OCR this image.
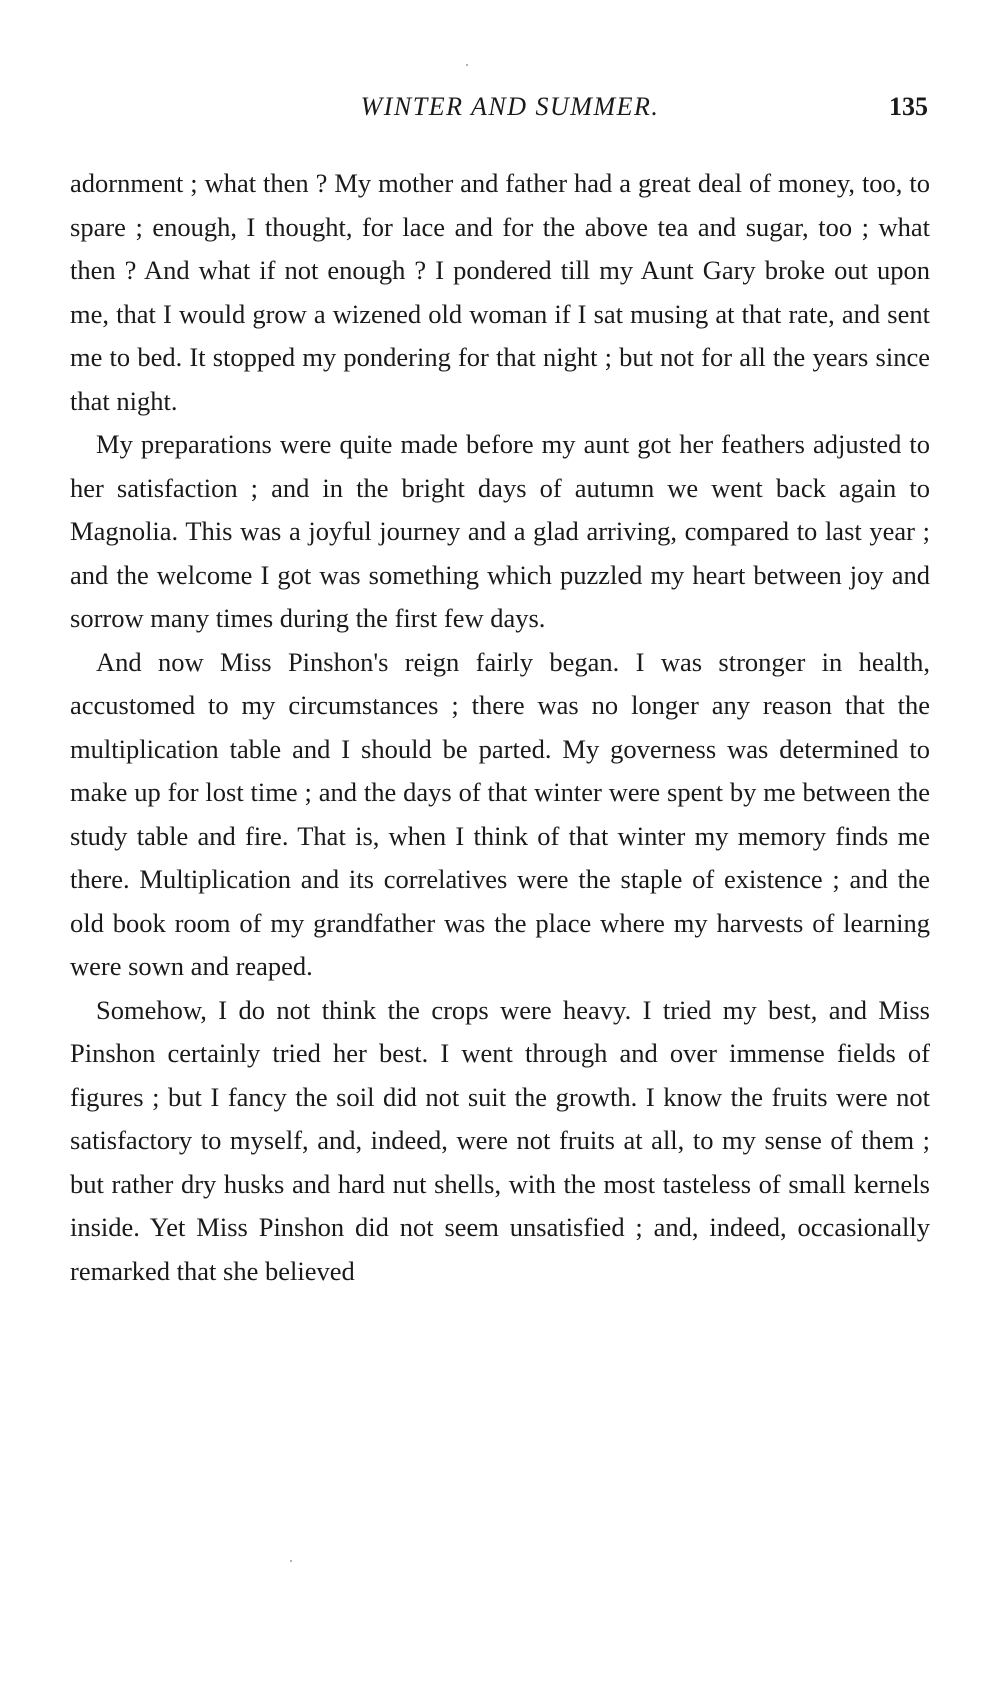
WINTER AND SUMMER.	135

adornment ; what then ? My mother and father had a great deal of money, too, to spare ; enough, I thought, for lace and for the above tea and sugar, too ; what then ? And what if not enough ? I pondered till my Aunt Gary broke out upon me, that I would grow a wizened old woman if I sat musing at that rate, and sent me to bed. It stopped my pondering for that night ; but not for all the years since that night.

My preparations were quite made before my aunt got her feathers adjusted to her satisfaction ; and in the bright days of autumn we went back again to Magnolia. This was a joyful journey and a glad arriving, compared to last year ; and the welcome I got was something which puzzled my heart between joy and sorrow many times during the first few days.

And now Miss Pinshon's reign fairly began. I was stronger in health, accustomed to my circumstances ; there was no longer any reason that the multiplication table and I should be parted. My governess was determined to make up for lost time ; and the days of that winter were spent by me between the study table and fire. That is, when I think of that winter my memory finds me there. Multiplication and its correlatives were the staple of existence ; and the old book room of my grandfather was the place where my harvests of learning were sown and reaped.

Somehow, I do not think the crops were heavy. I tried my best, and Miss Pinshon certainly tried her best. I went through and over immense fields of figures ; but I fancy the soil did not suit the growth. I know the fruits were not satisfactory to myself, and, indeed, were not fruits at all, to my sense of them ; but rather dry husks and hard nut shells, with the most tasteless of small kernels inside. Yet Miss Pinshon did not seem unsatisfied ; and, indeed, occasionally remarked that she believed
